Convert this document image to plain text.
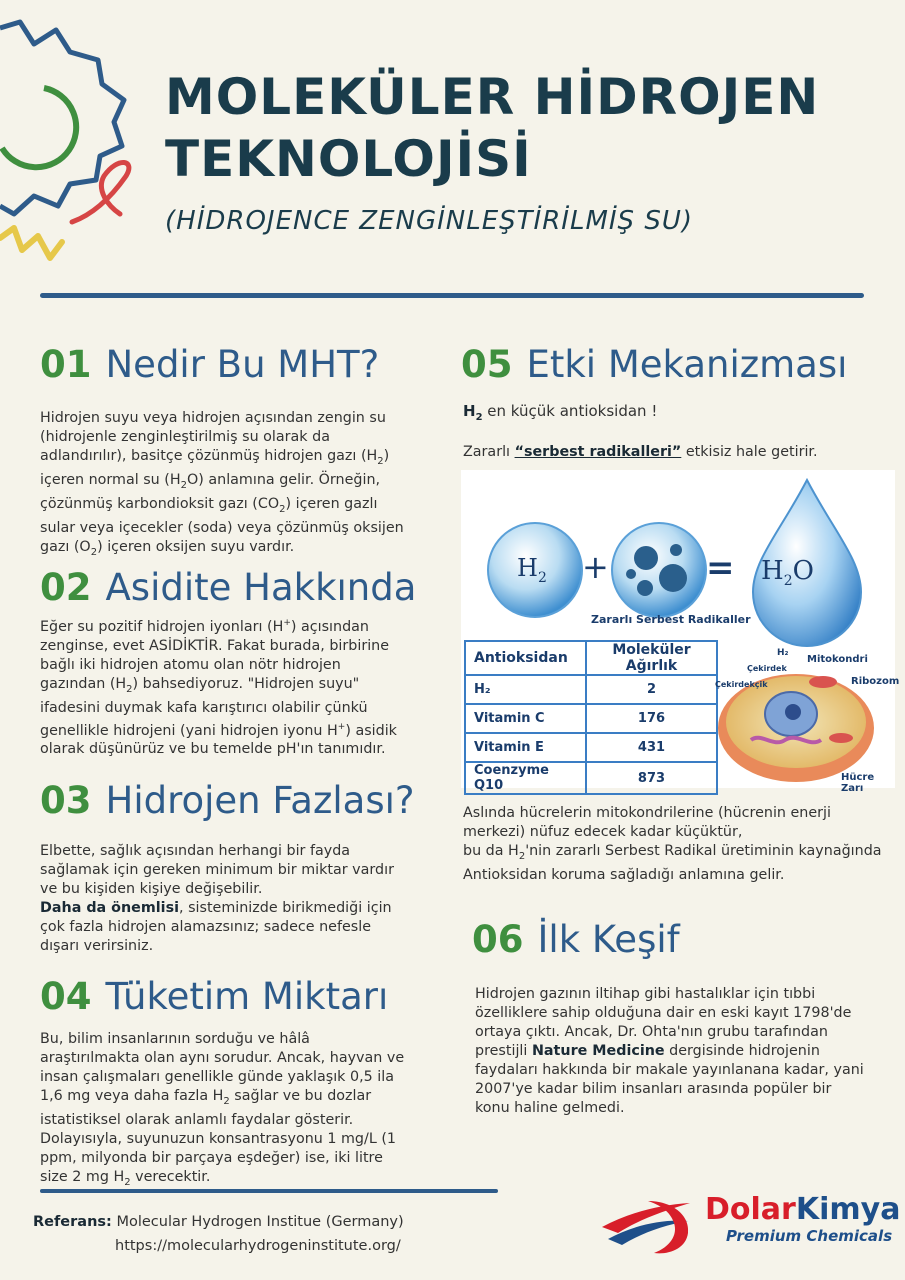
MOLEKÜLER HİDROJEN TEKNOLOJİSİ
(HİDROJENCE ZENGİNLEŞTİRİLMİŞ SU)
01 Nedir Bu MHT?
Hidrojen suyu veya hidrojen açısından zengin su
(hidrojenle zenginleştirilmiş su olarak da
adlandırılır), basitçe çözünmüş hidrojen gazı $(H_2)$
içeren normal su $(H_2O)$ anlamına gelir. Örneğin,
çözünmüş karbondioksit gazı $(CO_2)$ içeren gazlı
sular veya içecekler (soda) veya çözünmüş oksijen
gazı $(O_2)$ içeren oksijen suyu vardır.
02 Asidite Hakkında
Eğer su pozitif hidrojen iyonları (H+) açısından
zenginse, evet ASİDİKTİR. Fakat burada, birbirine
bağlı iki hidrojen atomu olan nötr hidrojen
gazından $(H_2)$ bahsediyoruz. "Hidrojen suyu"
ifadesini duymak kafa karıştırıcı olabilir çünkü
genellikle hidrojeni (yani hidrojen iyonu H+) asidik
olarak düşünürüz ve bu temelde pH'ın tanımıdır.
03 Hidrojen Fazlası?
Elbette, sağlık açısından herhangi bir fayda
sağlamak için gereken minimum bir miktar vardır
ve bu kişiden kişiye değişebilir.
Daha da önemlisi, sisteminizde birikmediği için
çok fazla hidrojen alamazsınız; sadece nefesle
dışarı verirsiniz.
04 Tüketim Miktarı
Bu, bilim insanlarının sorduğu ve hâlâ
araştırılmakta olan aynı sorudur. Ancak, hayvan ve
insan çalışmaları genellikle günde yaklaşık 0,5 ila
1,6 mg veya daha fazla $H_2$ sağlar ve bu dozlar
istatistiksel olarak anlamlı faydalar gösterir.
Dolayısıyla, suyunuzun konsantrasyonu 1 mg/L (1
ppm, milyonda bir parçaya eşdeğer) ise, iki litre
size 2 mg $H_2$ verecektir.
05 Etki Mekanizması
$H_2$ en küçük antioksidan !
Zararlı “serbest radikalleri” etkisiz hale getirir.
$H_2$ +	= $H_2O$
Zararlı Serbest Radikaller
Antioksidan	Moleküler Ağırlık
H₂	2
Vitamin C	176
Vitamin E	431
Coenzyme Q10	873
H₂
Mitokondri
Çekirdek
Çekirdekçik	Ribozom
Hücre Zarı
Aslında hücrelerin mitokondrilerine (hücrenin enerji
merkezi) nüfuz edecek kadar küçüktür,
bu da $H_2'nin$ zararlı Serbest Radikal üretiminin kaynağında
Antioksidan koruma sağladığı anlamına gelir.
06 İlk Keşif
Hidrojen gazının iltihap gibi hastalıklar için tıbbi
özelliklere sahip olduğuna dair en eski kayıt 1798'de
ortaya çıktı. Ancak, Dr. Ohta'nın grubu tarafından
prestijli Nature Medicine dergisinde hidrojenin
faydaları hakkında bir makale yayınlanana kadar, yani
2007'ye kadar bilim insanları arasında popüler bir
konu haline gelmedi.
Referans: Molecular Hydrogen Institue (Germany)
https://molecularhydrogeninstitute.org/
DolarKimya
Premium Chemicals
